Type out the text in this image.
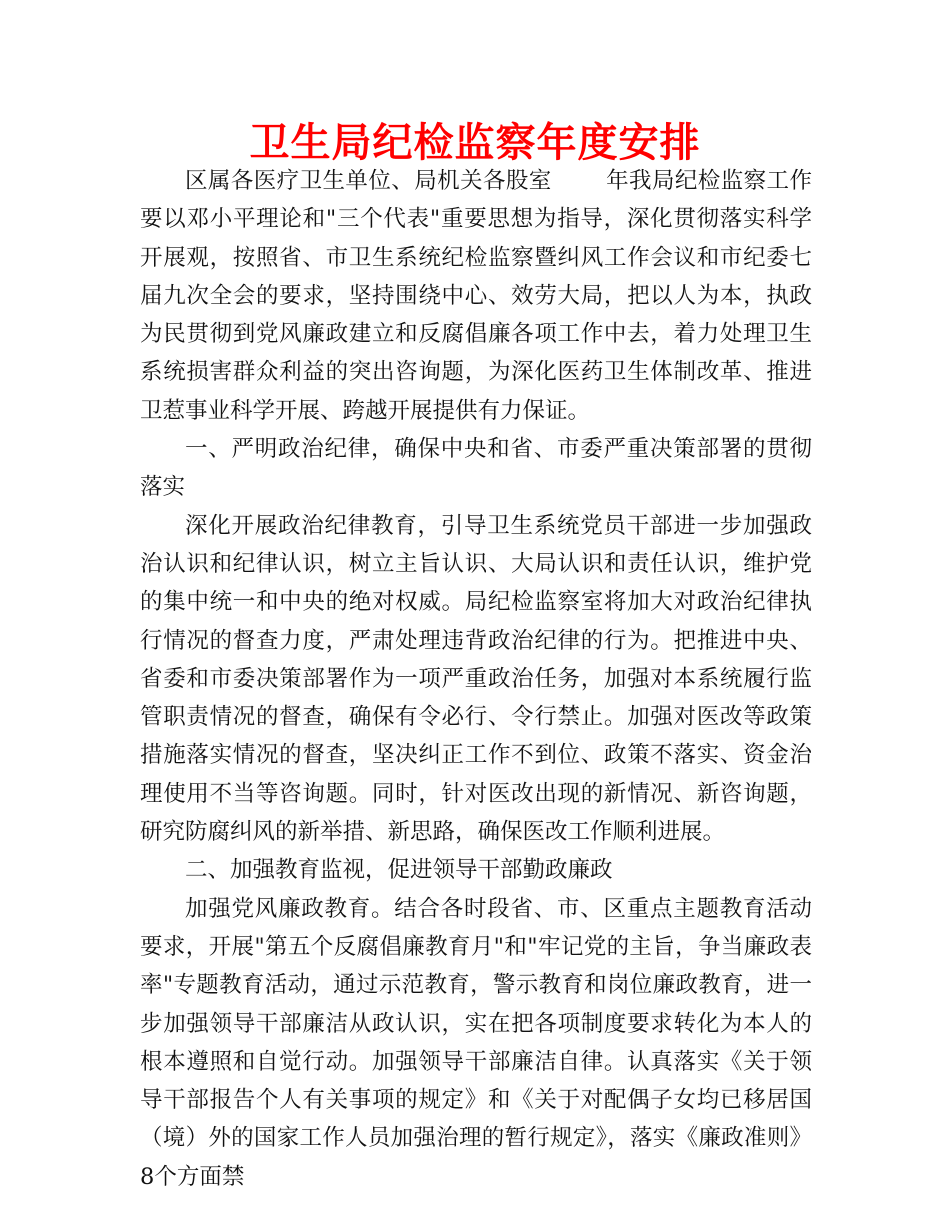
卫生局纪检监察年度安排

区属各医疗卫生单位、局机关各股室 年我局纪检监察工作要以邓小平理论和"三个代表"重要思想为指导，深化贯彻落实科学开展观，按照省、市卫生系统纪检监察暨纠风工作会议和市纪委七届九次全会的要求，坚持围绕中心、效劳大局，把以人为本，执政为民贯彻到党风廉政建立和反腐倡廉各项工作中去，着力处理卫生系统损害群众利益的突出咨询题，为深化医药卫生体制改革、推进卫惹事业科学开展、跨越开展提供有力保证。

一、严明政治纪律，确保中央和省、市委严重决策部署的贯彻落实

深化开展政治纪律教育，引导卫生系统党员干部进一步加强政治认识和纪律认识，树立主旨认识、大局认识和责任认识，维护党的集中统一和中央的绝对权威。局纪检监察室将加大对政治纪律执行情况的督查力度，严肃处理违背政治纪律的行为。把推进中央、省委和市委决策部署作为一项严重政治任务，加强对本系统履行监管职责情况的督查，确保有令必行、令行禁止。加强对医改等政策措施落实情况的督查，坚决纠正工作不到位、政策不落实、资金治理使用不当等咨询题。同时，针对医改出现的新情况、新咨询题，研究防腐纠风的新举措、新思路，确保医改工作顺利进展。

二、加强教育监视，促进领导干部勤政廉政

加强党风廉政教育。结合各时段省、市、区重点主题教育活动要求，开展"第五个反腐倡廉教育月"和"牢记党的主旨，争当廉政表率"专题教育活动，通过示范教育，警示教育和岗位廉政教育，进一步加强领导干部廉洁从政认识，实在把各项制度要求转化为本人的根本遵照和自觉行动。加强领导干部廉洁自律。认真落实《关于领导干部报告个人有关事项的规定》和《关于对配偶子女均已移居国（境）外的国家工作人员加强治理的暂行规定》，落实《廉政准则》8个方面禁
